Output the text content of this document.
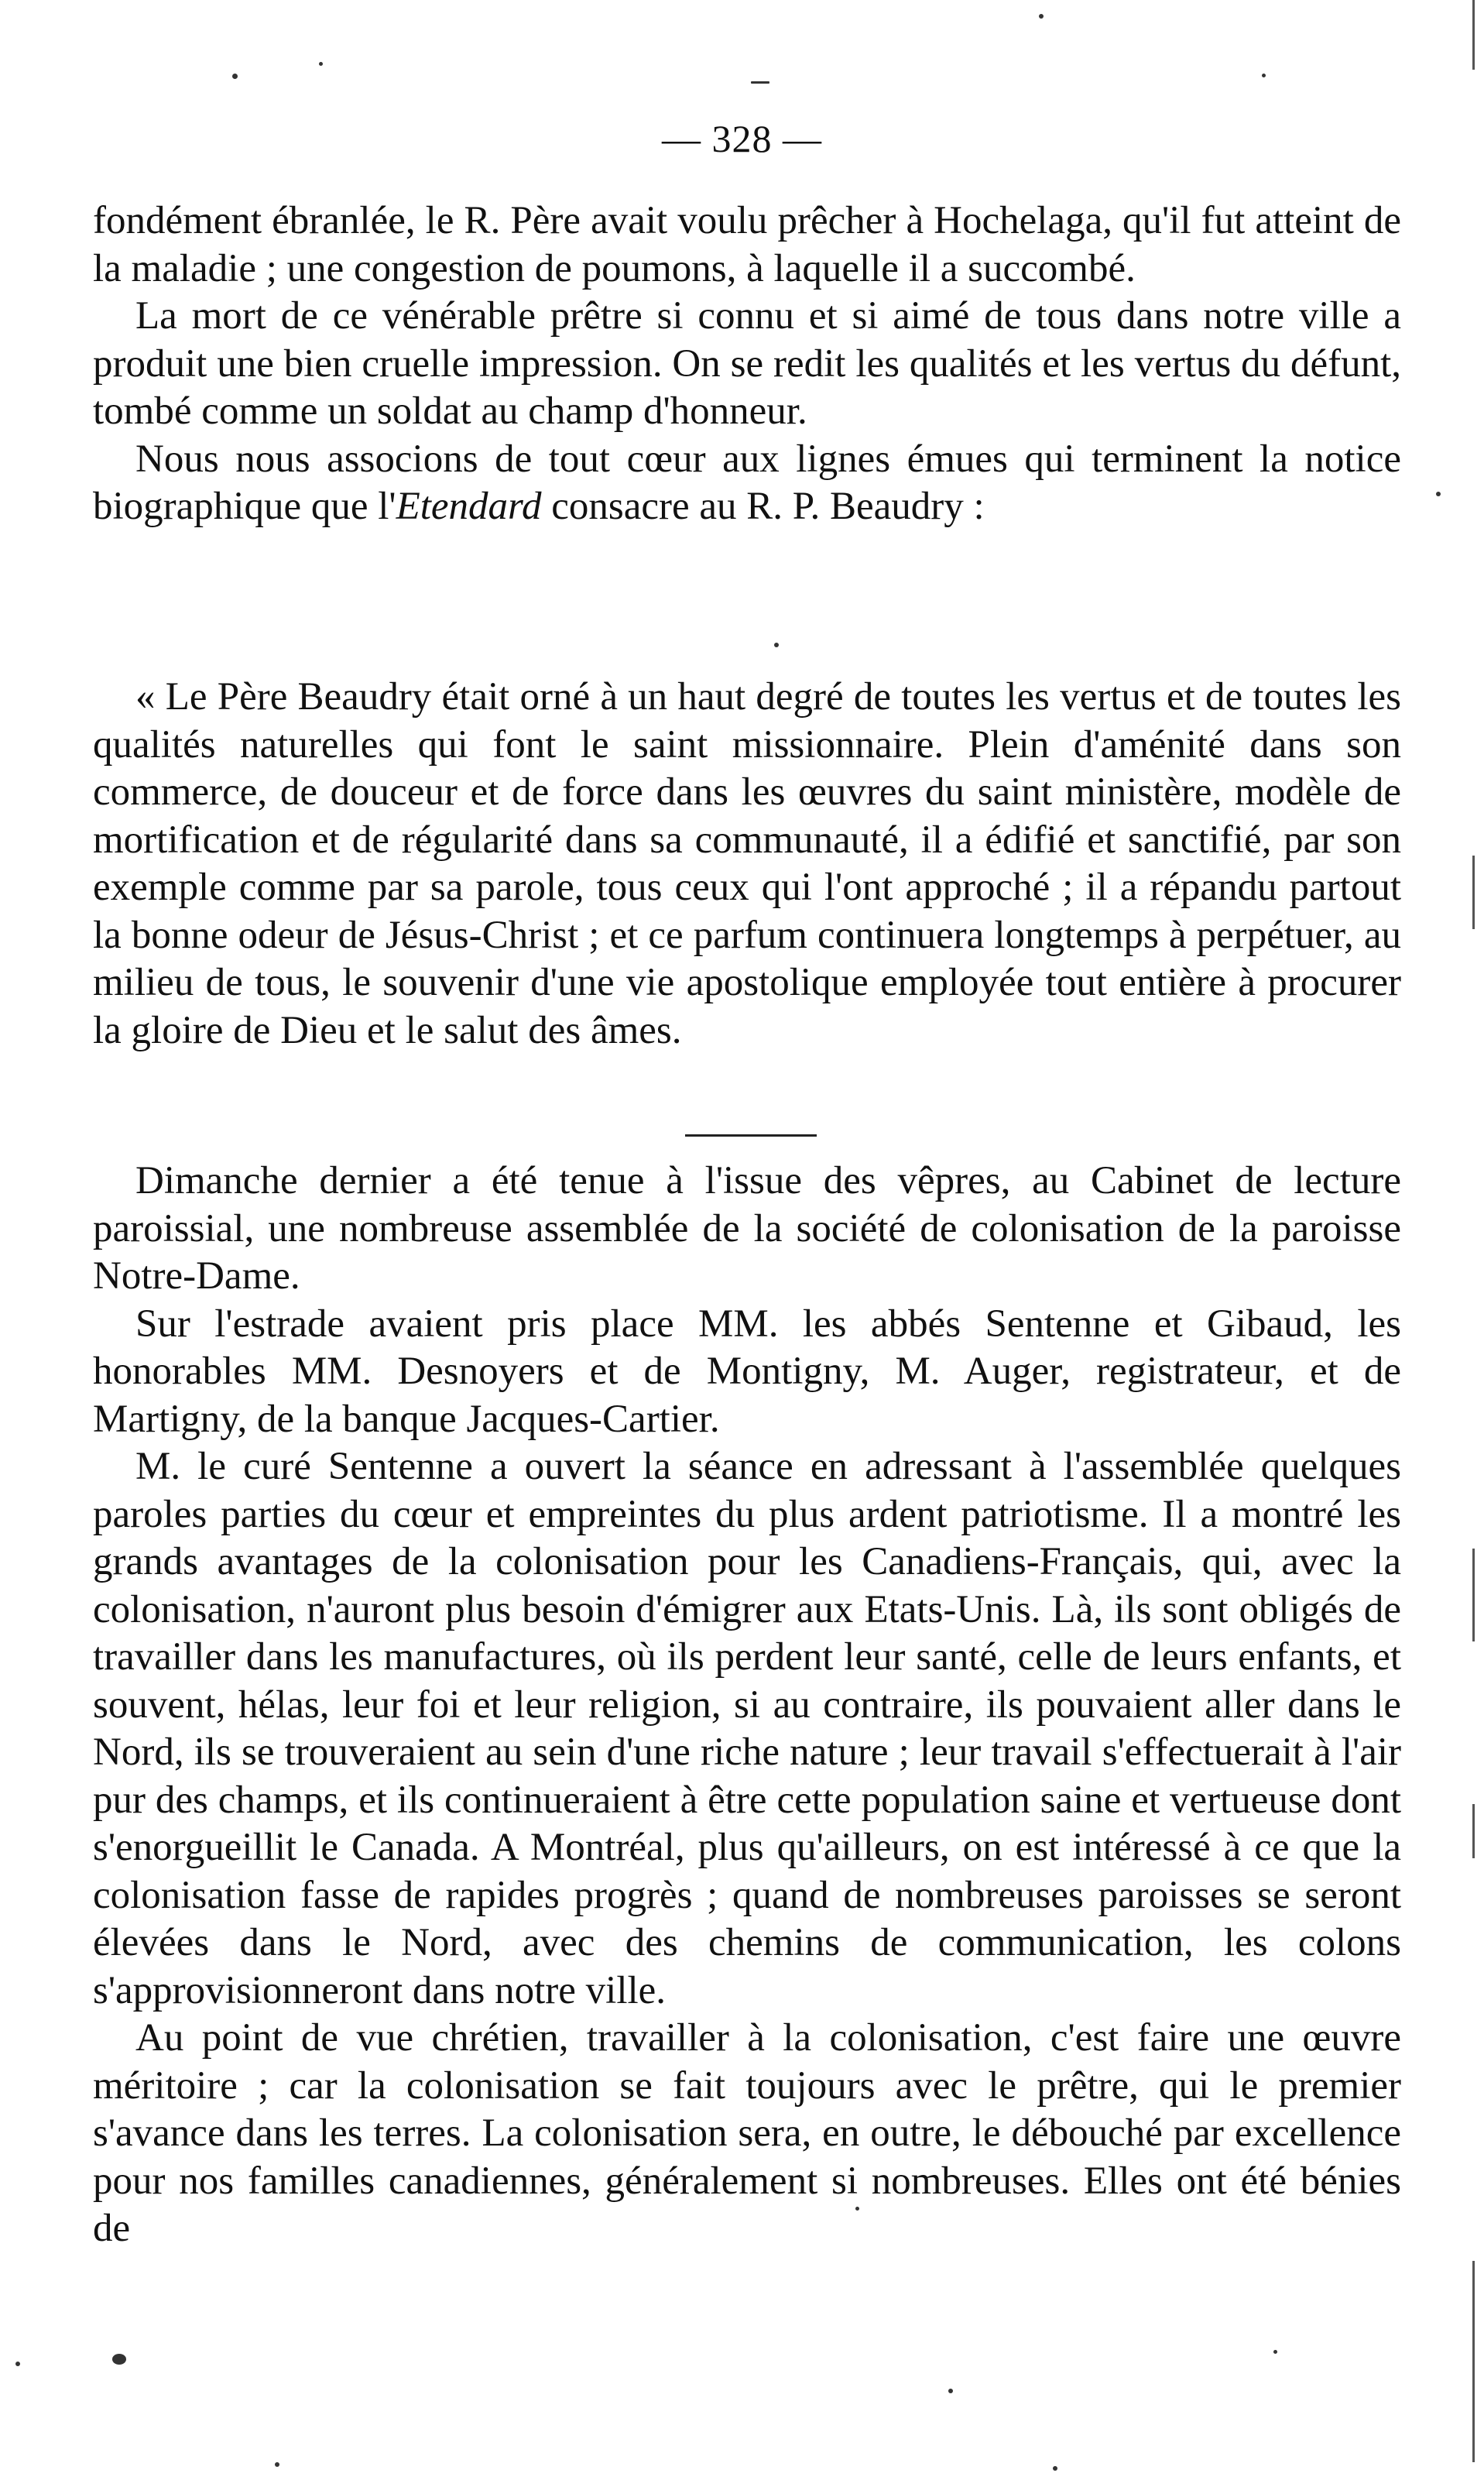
— 328 —

fondément ébranlée, le R. Père avait voulu prêcher à Hochelaga, qu'il fut atteint de la maladie ; une congestion de poumons, à laquelle il a succombé.

La mort de ce vénérable prêtre si connu et si aimé de tous dans notre ville a produit une bien cruelle impression. On se redit les qualités et les vertus du défunt, tombé comme un soldat au champ d'honneur.

Nous nous associons de tout cœur aux lignes émues qui terminent la notice biographique que l'Etendard consacre au R. P. Beaudry :

« Le Père Beaudry était orné à un haut degré de toutes les vertus et de toutes les qualités naturelles qui font le saint missionnaire. Plein d'aménité dans son commerce, de douceur et de force dans les œuvres du saint ministère, modèle de mortification et de régularité dans sa communauté, il a édifié et sanctifié, par son exemple comme par sa parole, tous ceux qui l'ont approché ; il a répandu partout la bonne odeur de Jésus-Christ ; et ce parfum continuera longtemps à perpétuer, au milieu de tous, le souvenir d'une vie apostolique employée tout entière à procurer la gloire de Dieu et le salut des âmes.

Dimanche dernier a été tenue à l'issue des vêpres, au Cabinet de lecture paroissial, une nombreuse assemblée de la société de colonisation de la paroisse Notre-Dame.

Sur l'estrade avaient pris place MM. les abbés Sentenne et Gibaud, les honorables MM. Desnoyers et de Montigny, M. Auger, registrateur, et de Martigny, de la banque Jacques-Cartier.

M. le curé Sentenne a ouvert la séance en adressant à l'assemblée quelques paroles parties du cœur et empreintes du plus ardent patriotisme. Il a montré les grands avantages de la colonisation pour les Canadiens-Français, qui, avec la colonisation, n'auront plus besoin d'émigrer aux Etats-Unis. Là, ils sont obligés de travailler dans les manufactures, où ils perdent leur santé, celle de leurs enfants, et souvent, hélas, leur foi et leur religion, si au contraire, ils pouvaient aller dans le Nord, ils se trouveraient au sein d'une riche nature ; leur travail s'effectuerait à l'air pur des champs, et ils continueraient à être cette population saine et vertueuse dont s'enorgueillit le Canada. A Montréal, plus qu'ailleurs, on est intéressé à ce que la colonisation fasse de rapides progrès ; quand de nombreuses paroisses se seront élevées dans le Nord, avec des chemins de communication, les colons s'approvisionneront dans notre ville.

Au point de vue chrétien, travailler à la colonisation, c'est faire une œuvre méritoire ; car la colonisation se fait toujours avec le prêtre, qui le premier s'avance dans les terres. La colonisation sera, en outre, le débouché par excellence pour nos familles canadiennes, généralement si nombreuses. Elles ont été bénies de
